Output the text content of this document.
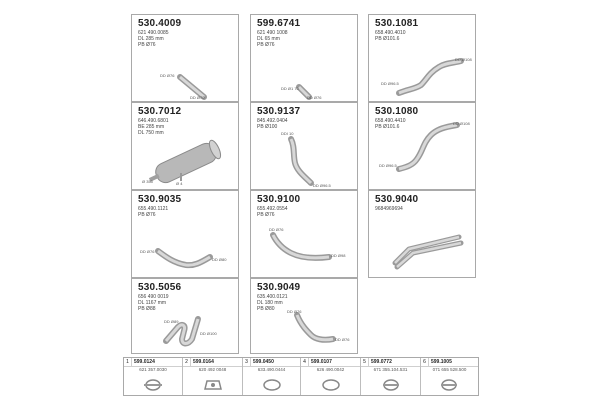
530.4009
621 490.0085
DL 285 mm
PB Ø76
DD Ø76
DD Ø70
599.6741
621 490 1008
DL 65 mm
PB Ø76
DD Ø1 70
DD Ø76
530.1081
658.490.4010
PB Ø101.6
DD Ø108
DD Ø96.5
530.7012
646.490.6801
BE 285 mm
DL 750 mm
Ø 355	Ø 4
530.9137
845.492.0404
PB Ø100
DDI 10
DD Ø96.5
530.1080
658.490.4410
PB Ø101.6
DD Ø108
DD Ø96.5
530.9035
655.490.1121
PB Ø76
DD Ø76
DD Ø80
530.9100
655.492.0554
PB Ø76
DD Ø76
DD Ø98
530.9040
9684969694
530.5056
656 490 0019
DL 1167 mm
PB Ø88
DD Ø89
DD Ø100
530.9049
635.400.0121
DL 180 mm
PB Ø80	DD Ø76
DD Ø76
1	599.0124
621 357.0030
2	599.0164
620 492 0048
3	599.0450
633.490.0444
4	599.0107
626 490.0042
5	599.0772
671 355.104.531
6	599.1005
071 655 528.500
